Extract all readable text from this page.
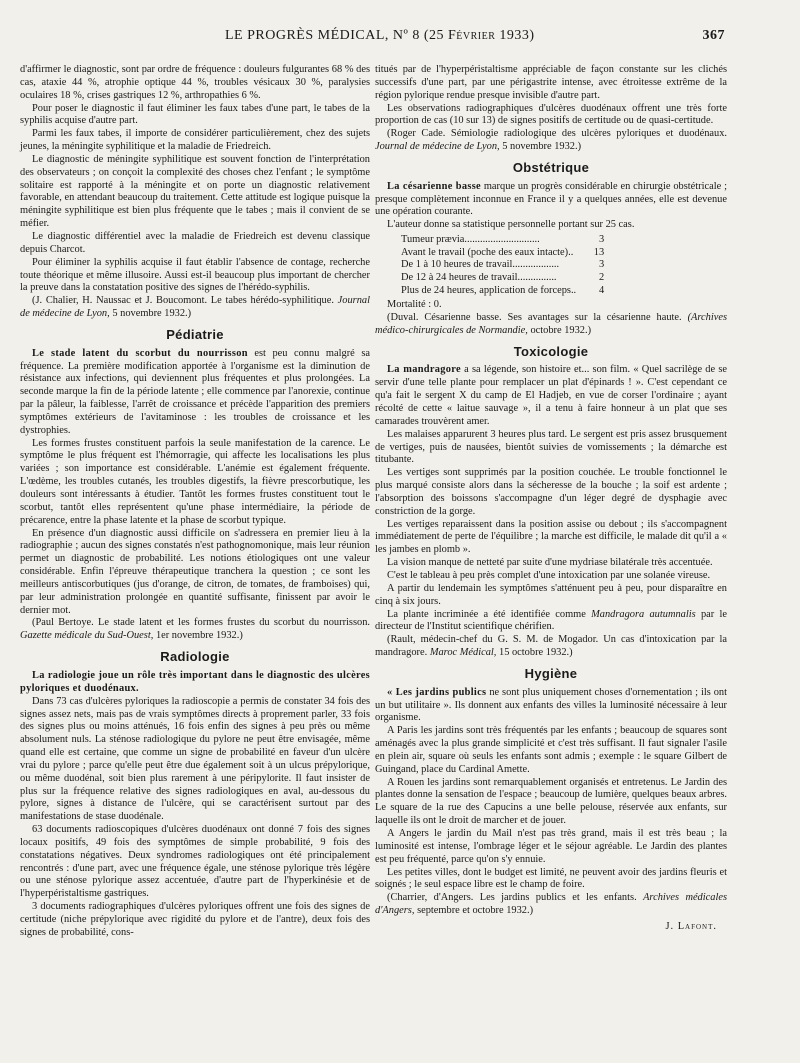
LE PROGRÈS MÉDICAL, Nº 8 (25 Février 1933)	367

d'affirmer le diagnostic, sont par ordre de fréquence : douleurs fulgurantes 68 % des cas, ataxie 44 %, atrophie optique 44 %, troubles vésicaux 30 %, paralysies oculaires 18 %, crises gastriques 12 %, arthropathies 6 %.

Pour poser le diagnostic il faut éliminer les faux tabes d'une part, le tabes de la syphilis acquise d'autre part.

Parmi les faux tabes, il importe de considérer particulièrement, chez des sujets jeunes, la méningite syphilitique et la maladie de Friedreich.

Le diagnostic de méningite syphilitique est souvent fonction de l'interprétation des observateurs ; on conçoit la complexité des choses chez l'enfant ; le symptôme solitaire est rapporté à la méningite et on porte un diagnostic relativement favorable, en attendant beaucoup du traitement. Cette attitude est logique puisque la méningite syphilitique est bien plus fréquente que le tabes ; mais il convient de se méfier.

Le diagnostic différentiel avec la maladie de Friedreich est devenu classique depuis Charcot.

Pour éliminer la syphilis acquise il faut établir l'absence de contage, recherche toute théorique et même illusoire. Aussi est-il beaucoup plus important de chercher la preuve dans la constatation positive des signes de l'hérédo-syphilis.

(J. Chalier, H. Naussac et J. Boucomont. Le tabes hérédo-syphilitique. Journal de médecine de Lyon, 5 novembre 1932.)

Pédiatrie

Le stade latent du scorbut du nourrisson est peu connu malgré sa fréquence. La première modification apportée à l'organisme est la diminution de résistance aux infections, qui deviennent plus fréquentes et plus prolongées. La seconde marque la fin de la période latente ; elle commence par l'anorexie, continue par la pâleur, la faiblesse, l'arrêt de croissance et précède l'apparition des premiers symptômes extérieurs de l'avitaminose : les troubles de croissance et les dystrophies.

Les formes frustes constituent parfois la seule manifestation de la carence. Le symptôme le plus fréquent est l'hémorragie, qui affecte les localisations les plus variées ; son importance est considérable. L'anémie est également fréquente. L'œdème, les troubles cutanés, les troubles digestifs, la fièvre prescorbutique, les douleurs sont intéressants à étudier. Tantôt les formes frustes constituent tout le scorbut, tantôt elles représentent qu'une phase intermédiaire, la période de précarence, entre la phase latente et la phase de scorbut typique.

En présence d'un diagnostic aussi difficile on s'adressera en premier lieu à la radiographie ; aucun des signes constatés n'est pathognomonique, mais leur réunion permet un diagnostic de probabilité. Les notions étiologiques ont une valeur considérable. Enfin l'épreuve thérapeutique tranchera la question ; ce sont les meilleurs antiscorbutiques (jus d'orange, de citron, de tomates, de framboises) qui, par leur administration prolongée en quantité suffisante, finissent par avoir le dernier mot.

(Paul Bertoye. Le stade latent et les formes frustes du scorbut du nourrisson. Gazette médicale du Sud-Ouest, 1er novembre 1932.)

Radiologie

La radiologie joue un rôle très important dans le diagnostic des ulcères pyloriques et duodénaux.

Dans 73 cas d'ulcères pyloriques la radioscopie a permis de constater 34 fois des signes assez nets, mais pas de vrais symptômes directs à proprement parler, 33 fois des signes plus ou moins atténués, 16 fois enfin des signes à peu près ou même absolument nuls. La sténose radiologique du pylore ne peut être envisagée, même quand elle est certaine, que comme un signe de probabilité en faveur d'un ulcère vrai du pylore ; parce qu'elle peut être due également soit à un ulcus prépylorique, ou même duodénal, soit bien plus rarement à une péripylorite. Il faut insister de plus sur la fréquence relative des signes radiologiques en aval, au-dessous du pylore, signes à distance de l'ulcère, qui se caractérisent surtout par des manifestations de stase duodénale.

63 documents radioscopiques d'ulcères duodénaux ont donné 7 fois des signes locaux positifs, 49 fois des symptômes de simple probabilité, 9 fois des constatations négatives. Deux syndromes radiologiques ont été principalement rencontrés : d'une part, avec une fréquence égale, une sténose pylorique très légère ou une sténose pylorique assez accentuée, d'autre part de l'hyperkinésie et de l'hyperpéristaltisme gastriques.

3 documents radiographiques d'ulcères pyloriques offrent une fois des signes de certitude (niche prépylorique avec rigidité du pylore et de l'antre), deux fois des signes de probabilité, cons-

titués par de l'hyperpéristaltisme appréciable de façon constante sur les clichés successifs d'une part, par une périgastrite intense, avec étroitesse extrême de la région pylorique rendue presque invisible d'autre part.

Les observations radiographiques d'ulcères duodénaux offrent une très forte proportion de cas (10 sur 13) de signes positifs de certitude ou de quasi-certitude.

(Roger Cade. Sémiologie radiologique des ulcères pyloriques et duodénaux. Journal de médecine de Lyon, 5 novembre 1932.)

Obstétrique

La césarienne basse marque un progrès considérable en chirurgie obstétricale ; presque complètement inconnue en France il y a quelques années, elle est devenue une opération courante.

L'auteur donne sa statistique personnelle portant sur 25 cas.

Tumeur prævia.............................	3
Avant le travail (poche des eaux intacte)..	13
De 1 à 10 heures de travail..................	3
De 12 à 24 heures de travail...............	2
Plus de 24 heures, application de forceps..	4

Mortalité : 0.

(Duval. Césarienne basse. Ses avantages sur la césarienne haute. (Archives médico-chirurgicales de Normandie, octobre 1932.)

Toxicologie

La mandragore a sa légende, son histoire et... son film. « Quel sacrilège de se servir d'une telle plante pour remplacer un plat d'épinards ! ». C'est cependant ce qu'a fait le sergent X du camp de El Hadjeb, en vue de corser l'ordinaire ; ayant récolté de cette « laitue sauvage », il a tenu à faire honneur à un plat que ses camarades trouvèrent amer.

Les malaises apparurent 3 heures plus tard. Le sergent est pris assez brusquement de vertiges, puis de nausées, bientôt suivies de vomissements ; la démarche est titubante.

Les vertiges sont supprimés par la position couchée. Le trouble fonctionnel le plus marqué consiste alors dans la sécheresse de la bouche ; la soif est ardente ; l'absorption des boissons s'accompagne d'un léger degré de dysphagie avec constriction de la gorge.

Les vertiges reparaissent dans la position assise ou debout ; ils s'accompagnent immédiatement de perte de l'équilibre ; la marche est difficile, le malade dit qu'il a « les jambes en plomb ».

La vision manque de netteté par suite d'une mydriase bilatérale très accentuée.

C'est le tableau à peu près complet d'une intoxication par une solanée vireuse.

A partir du lendemain les symptômes s'atténuent peu à peu, pour disparaître en cinq à six jours.

La plante incriminée a été identifiée comme Mandragora autumnalis par le directeur de l'Institut scientifique chérifien.

(Rault, médecin-chef du G. S. M. de Mogador. Un cas d'intoxication par la mandragore. Maroc Médical, 15 octobre 1932.)

Hygiène

« Les jardins publics ne sont plus uniquement choses d'ornementation ; ils ont un but utilitaire ». Ils donnent aux enfants des villes la luminosité nécessaire à leur organisme.

A Paris les jardins sont très fréquentés par les enfants ; beaucoup de squares sont aménagés avec la plus grande simplicité et c'est très suffisant. Il faut signaler l'asile en plein air, square où seuls les enfants sont admis ; exemple : le square Gilbert de Guingand, place du Cardinal Amette.

A Rouen les jardins sont remarquablement organisés et entretenus. Le Jardin des plantes donne la sensation de l'espace ; beaucoup de lumière, quelques beaux arbres. Le square de la rue des Capucins a une belle pelouse, réservée aux enfants, sur laquelle ils ont le droit de marcher et de jouer.

A Angers le jardin du Mail n'est pas très grand, mais il est très beau ; la luminosité est intense, l'ombrage léger et le séjour agréable. Le Jardin des plantes est peu fréquenté, parce qu'on s'y ennuie.

Les petites villes, dont le budget est limité, ne peuvent avoir des jardins fleuris et soignés ; le seul espace libre est le champ de foire.

(Charrier, d'Angers. Les jardins publics et les enfants. Archives médicales d'Angers, septembre et octobre 1932.)

J. Lafont.
